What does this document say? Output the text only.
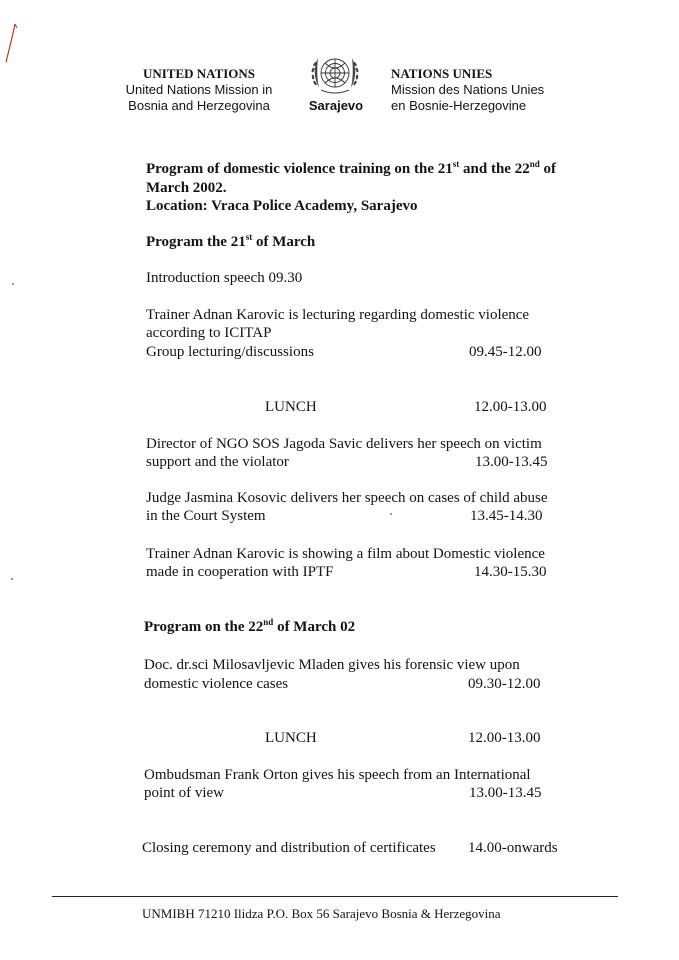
UNITED NATIONS
United Nations Mission in
Bosnia and Herzegovina	Sarajevo
NATIONS UNIES
Mission des Nations Unies
en Bosnie-Herzegovine
Program of domestic violence training on the 21st and the 22nd of
March 2002.
Location: Vraca Police Academy, Sarajevo
Program the 21st of March
Introduction speech 09.30
Trainer Adnan Karovic is lecturing regarding domestic violence
according to ICITAP
Group lecturing/discussions	09.45-12.00
LUNCH	12.00-13.00
Director of NGO SOS Jagoda Savic delivers her speech on victim
support and the violator	13.00-13.45
Judge Jasmina Kosovic delivers her speech on cases of child abuse
in the Court System	13.45-14.30
Trainer Adnan Karovic is showing a film about Domestic violence
made in cooperation with IPTF	14.30-15.30
Program on the 22nd of March 02
Doc. dr.sci Milosavljevic Mladen gives his forensic view upon
domestic violence cases	09.30-12.00
LUNCH	12.00-13.00
Ombudsman Frank Orton gives his speech from an International
point of view	13.00-13.45
Closing ceremony and distribution of certificates 14.00-onwards
UNMIBH 71210 Ilidza P.O. Box 56 Sarajevo Bosnia & Herzegovina
